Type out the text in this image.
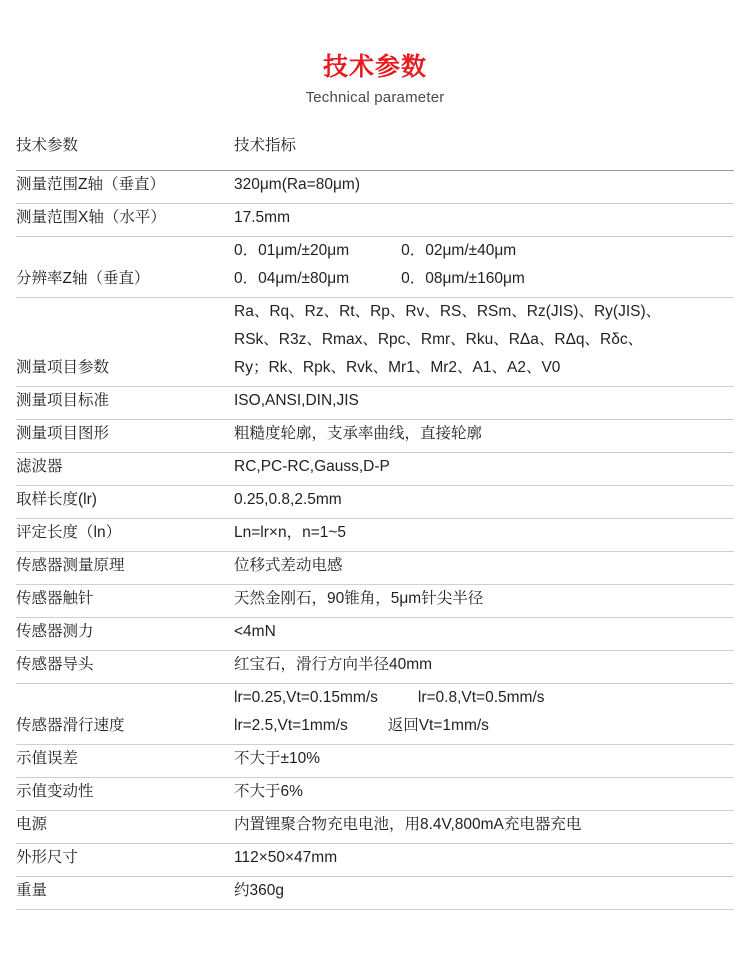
技术参数
Technical parameter
技术参数	技术指标
测量范围Z轴（垂直）	320μm(Ra=80μm)
测量范围X轴（水平）	17.5mm
分辨率Z轴（垂直）	0．01μm/±20μm 0．02μm/±40μm
0．04μm/±80μm 0．08μm/±160μm

测量项目参数	Ra、Rq、Rz、Rt、Rp、Rv、RS、RSm、Rz(JIS)、Ry(JIS)、
RSk、R3z、Rmax、Rpc、Rmr、Rku、RΔa、RΔq、Rδc、
Ry；Rk、Rpk、Rvk、Mr1、Mr2、A1、A2、V0

测量项目标准	ISO,ANSI,DIN,JIS
测量项目图形	粗糙度轮廓，支承率曲线，直接轮廓
滤波器	RC,PC-RC,Gauss,D-P
取样长度(lr)	0.25,0.8,2.5mm
评定长度（ln）	Ln=lr×n，n=1~5
传感器测量原理	位移式差动电感
传感器触针	天然金刚石，90锥角，5μm针尖半径
传感器测力	<4mN
传感器导头	红宝石，滑行方向半径40mm
传感器滑行速度	lr=0.25,Vt=0.15mm/s lr=0.8,Vt=0.5mm/s
lr=2.5,Vt=1mm/s 返回Vt=1mm/s

示值误差	不大于±10%
示值变动性	不大于6%
电源	内置锂聚合物充电电池，用8.4V,800mA充电器充电
外形尺寸	112×50×47mm
重量	约360g
